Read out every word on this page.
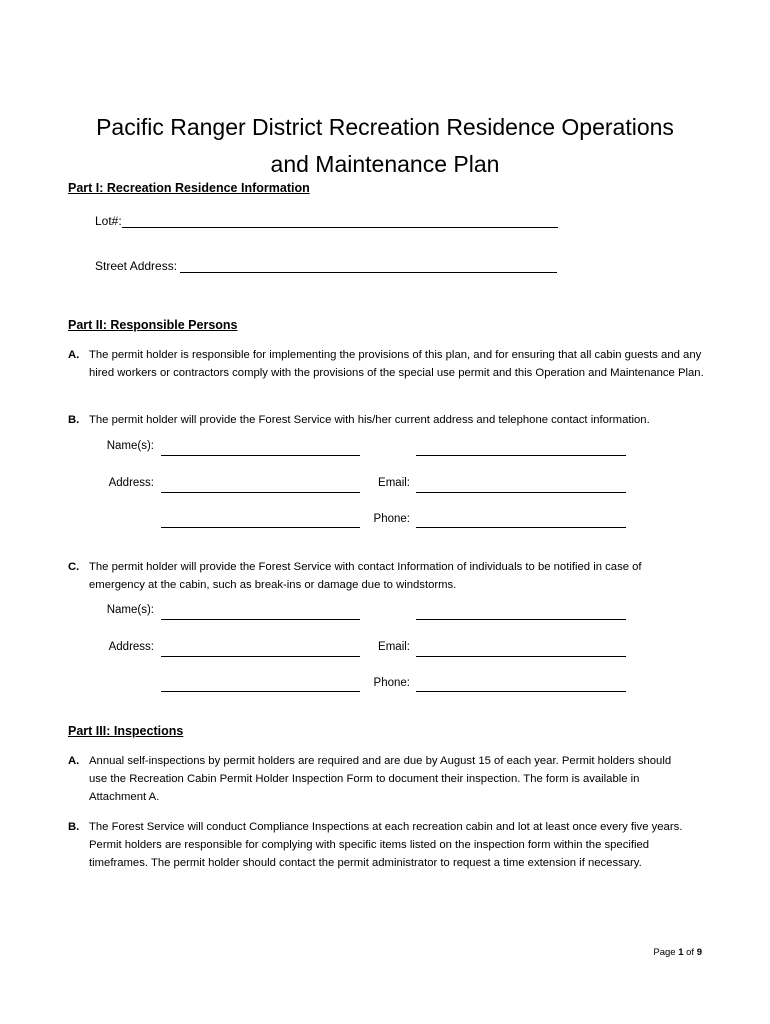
Pacific Ranger District Recreation Residence Operations
and Maintenance Plan
Part I: Recreation Residence Information
Lot#:
Street Address:
Part II: Responsible Persons
A. The permit holder is responsible for implementing the provisions of this plan, and for ensuring that all cabin guests and any hired workers or contractors comply with the provisions of the special use permit and this Operation and Maintenance Plan.
B. The permit holder will provide the Forest Service with his/her current address and telephone contact information.
Name(s):
Address:	Email:
Phone:
C. The permit holder will provide the Forest Service with contact Information of individuals to be notified in case of emergency at the cabin, such as break-ins or damage due to windstorms.
Name(s):
Address:	Email:
Phone:
Part III: Inspections
A. Annual self-inspections by permit holders are required and are due by August 15 of each year. Permit holders should use the Recreation Cabin Permit Holder Inspection Form to document their inspection. The form is available in Attachment A.
B. The Forest Service will conduct Compliance Inspections at each recreation cabin and lot at least once every five years. Permit holders are responsible for complying with specific items listed on the inspection form within the specified timeframes. The permit holder should contact the permit administrator to request a time extension if necessary.
Page 1 of 9
